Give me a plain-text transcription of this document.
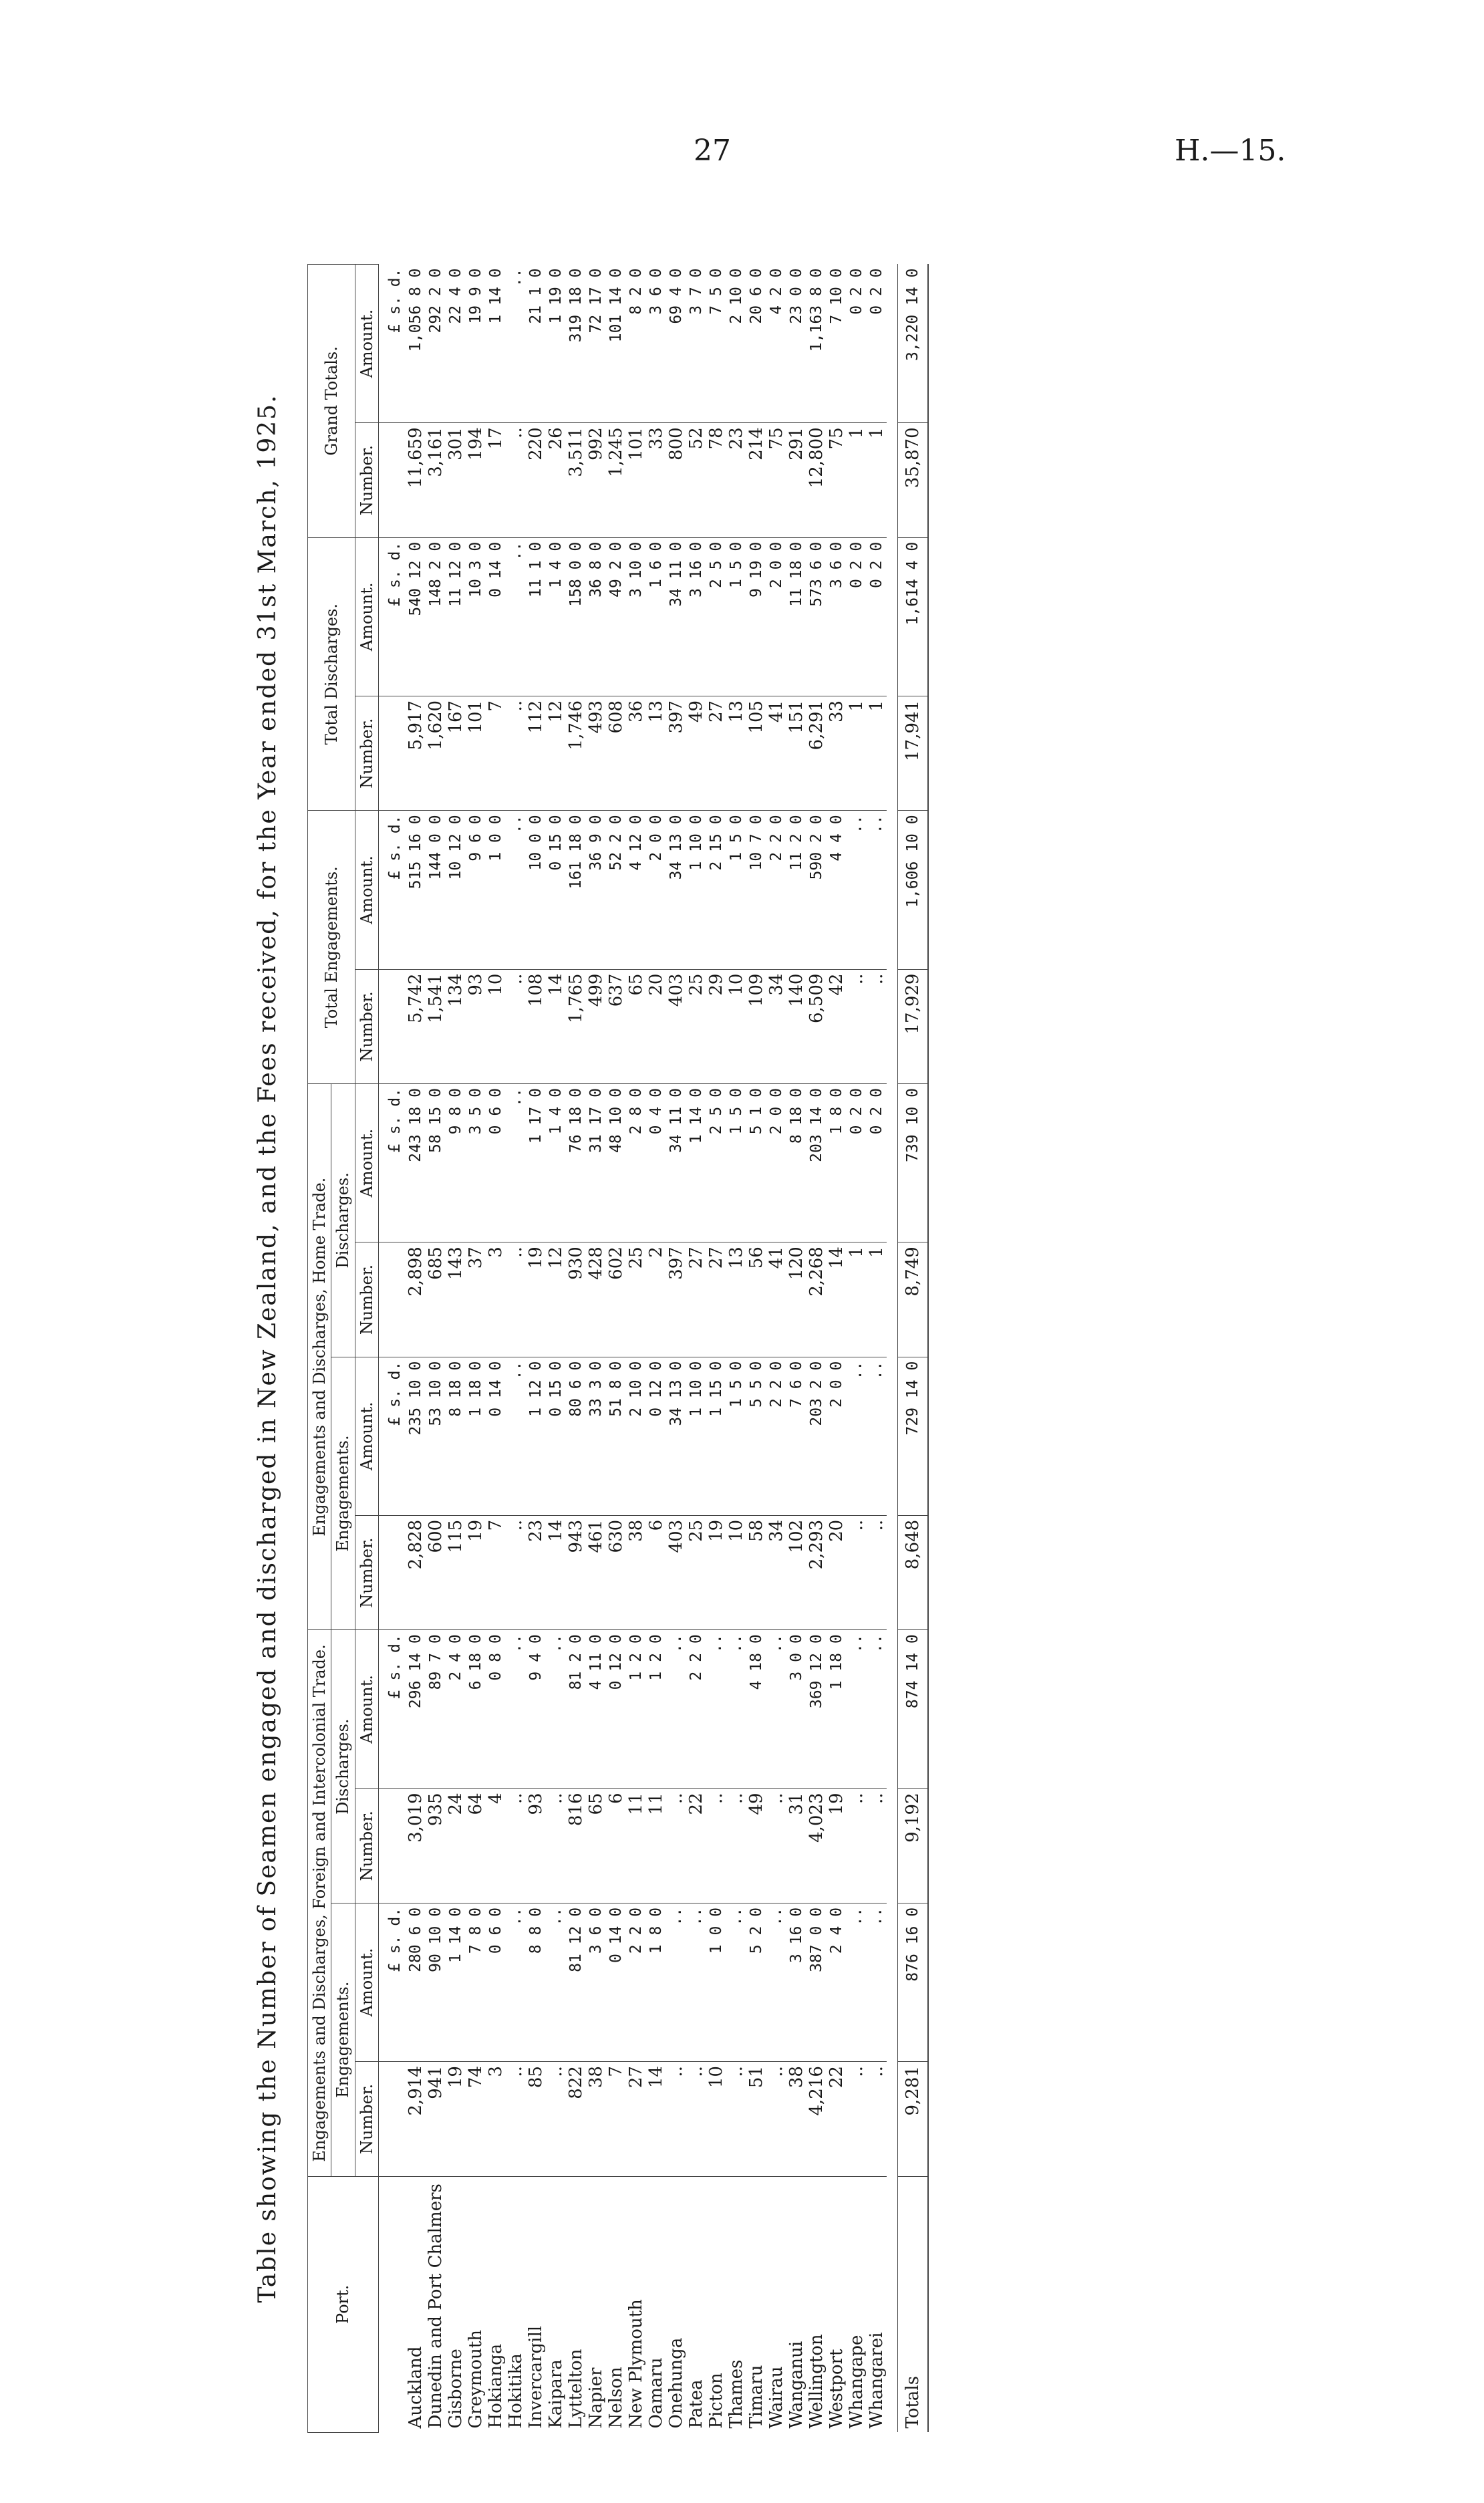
27	H.—15.
Table showing the Number of Seamen engaged and discharged in New Zealand, and the Fees received, for the Year ended 31st March, 1925.
Port.	Engagements and Discharges, Foreign and Intercolonial Trade.				Engagements and Discharges, Home Trade.				Total Engagements.		Total Discharges.		Grand Totals.	
	Engagements.		Discharges.		Engagements.		Discharges.							
	Number.	Amount.	Number.	Amount.	Number.	Amount.	Number.	Amount.	Number.	Amount.	Number.	Amount.	Number.	Amount.
		£ s. d.		£ s. d.		£ s. d.		£ s. d.		£ s. d.		£ s. d.		£ s. d.
Auckland	2,914	280 6 0	3,019	296 14 0	2,828	235 10 0	2,898	243 18 0	5,742	515 16 0	5,917	540 12 0	11,659	1,056 8 0
Dunedin and Port Chalmers	941	90 10 0	935	89 7 0	600	53 10 0	685	58 15 0	1,541	144 0 0	1,620	148 2 0	3,161	292 2 0
Gisborne	19	1 14 0	24	2 4 0	115	8 18 0	143	9 8 0	134	10 12 0	167	11 12 0	301	22 4 0
Greymouth	74	7 8 0	64	6 18 0	19	1 18 0	37	3 5 0	93	9 6 0	101	10 3 0	194	19 9 0
Hokianga	3	0 6 0	4	0 8 0	7	0 14 0	3	0 6 0	10	1 0 0	7	0 14 0	17	1 14 0
Hokitika	..	..	..	..	..	..	..	..	..	..	..	..	..	..
Invercargill	85	8 8 0	93	9 4 0	23	1 12 0	19	1 17 0	108	10 0 0	112	11 1 0	220	21 1 0
Kaipara	..	..	..	..	14	0 15 0	12	1 4 0	14	0 15 0	12	1 4 0	26	1 19 0
Lyttelton	822	81 12 0	816	81 2 0	943	80 6 0	930	76 18 0	1,765	161 18 0	1,746	158 0 0	3,511	319 18 0
Napier	38	3 6 0	65	4 11 0	461	33 3 0	428	31 17 0	499	36 9 0	493	36 8 0	992	72 17 0
Nelson	7	0 14 0	6	0 12 0	630	51 8 0	602	48 10 0	637	52 2 0	608	49 2 0	1,245	101 14 0
New Plymouth	27	2 2 0	11	1 2 0	38	2 10 0	25	2 8 0	65	4 12 0	36	3 10 0	101	8 2 0
Oamaru	14	1 8 0	11	1 2 0	6	0 12 0	2	0 4 0	20	2 0 0	13	1 6 0	33	3 6 0
Onehunga	..	..	..	..	403	34 13 0	397	34 11 0	403	34 13 0	397	34 11 0	800	69 4 0
Patea	..	..	22	2 2 0	25	1 10 0	27	1 14 0	25	1 10 0	49	3 16 0	52	3 7 0
Picton	10	1 0 0	..	..	19	1 15 0	27	2 5 0	29	2 15 0	27	2 5 0	78	7 5 0
Thames	..	..	..	..	10	1 5 0	13	1 5 0	10	1 5 0	13	1 5 0	23	2 10 0
Timaru	51	5 2 0	49	4 18 0	58	5 5 0	56	5 1 0	109	10 7 0	105	9 19 0	214	20 6 0
Wairau	..	..	..	..	34	2 2 0	41	2 0 0	34	2 2 0	41	2 0 0	75	4 2 0
Wanganui	38	3 16 0	31	3 0 0	102	7 6 0	120	8 18 0	140	11 2 0	151	11 18 0	291	23 0 0
Wellington	4,216	387 0 0	4,023	369 12 0	2,293	203 2 0	2,268	203 14 0	6,509	590 2 0	6,291	573 6 0	12,800	1,163 8 0
Westport	22	2 4 0	19	1 18 0	20	2 0 0	14	1 8 0	42	4 4 0	33	3 6 0	75	7 10 0
Whangape	..	..	..	..	..	..	1	0 2 0	..	..	1	0 2 0	1	0 2 0
Whangarei	..	..	..	..	..	..	1	0 2 0	..	..	1	0 2 0	1	0 2 0

Totals	9,281	876 16 0	9,192	874 14 0	8,648	729 14 0	8,749	739 10 0	17,929	1,606 10 0	17,941	1,614 4 0	35,870	3,220 14 0
